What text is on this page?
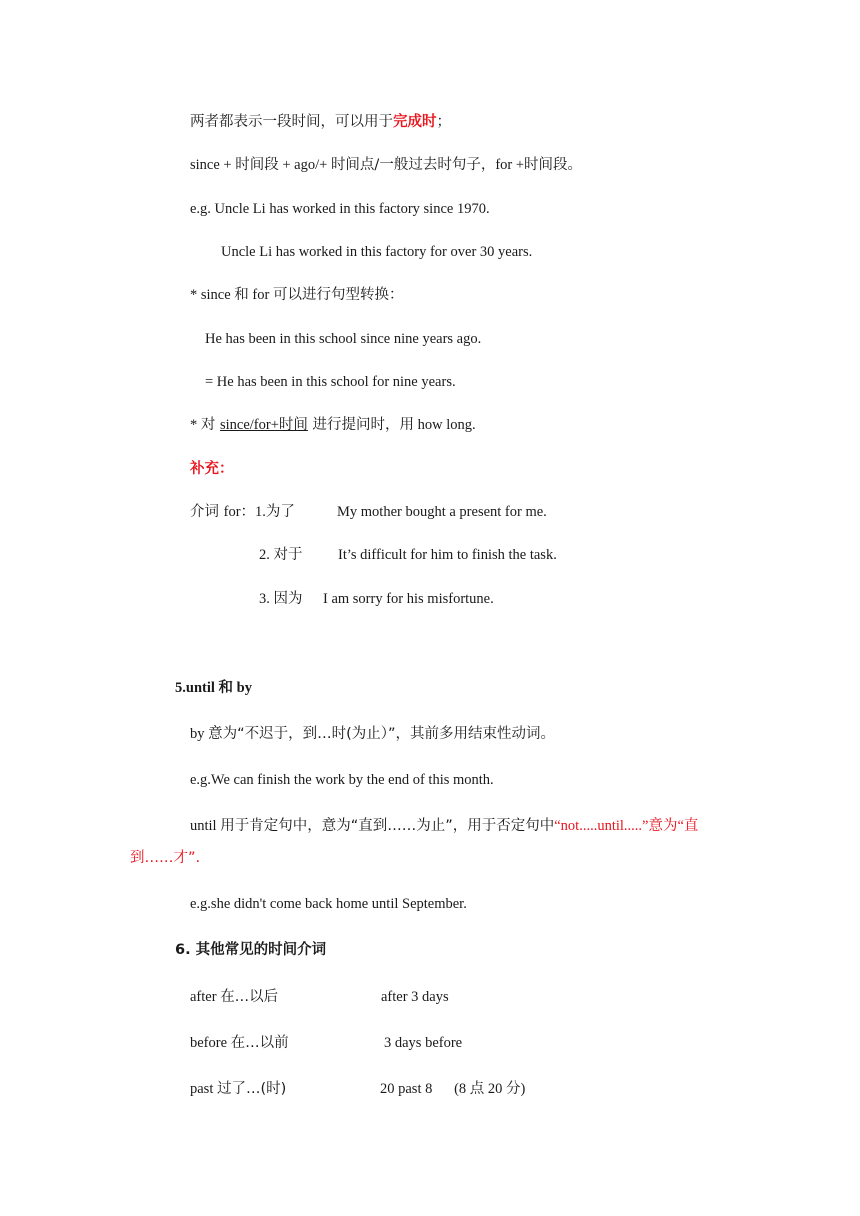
两者都表示一段时间，可以用于完成时；
since + 时间段 + ago/+ 时间点/一般过去时句子，for +时间段。
e.g. Uncle Li has worked in this factory since 1970.
Uncle Li has worked in this factory for over 30 years.
* since 和 for 可以进行句型转换：
He has been in this school since nine years ago.
= He has been in this school for nine years.
* 对 since/for+时间 进行提问时，用 how long.
补充：
介词 for：1.为了	My mother bought a present for me.
2. 对于 It’s difficult for him to finish the task.
3. 因为 I am sorry for his misfortune.
5.until 和 by
by 意为“不迟于，到…时(为止）”，其前多用结束性动词。
e.g.We can finish the work by the end of this month.
until 用于肯定句中，意为“直到……为止”，用于否定句中“not.....until.....”意为“直
到……才”.
e.g.she didn't come back home until September.
6. 其他常见的时间介词
after 在…以后	after 3 days
before 在…以前	3 days before
past 过了…(时)	20 past 8      (8 点 20 分)
